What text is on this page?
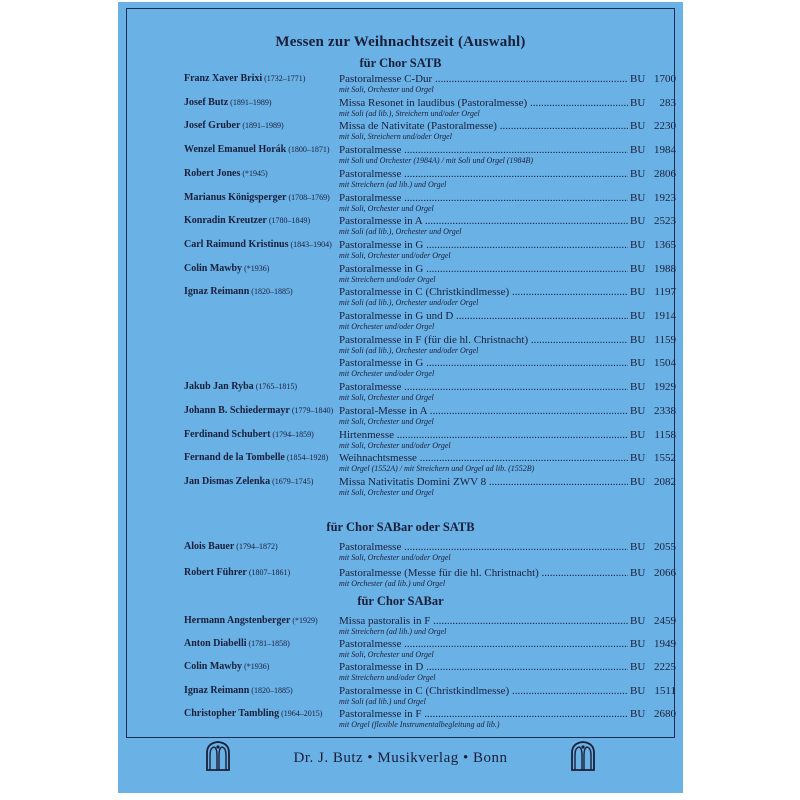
Messen zur Weihnachtszeit (Auswahl)
für Chor SATB
Franz Xaver Brixi (1732–1771)	Pastoralmesse C-Dur .....	BU 1700
mit Soli, Orchester und Orgel
Josef Butz (1891–1989)	Missa Resonet in laudibus (Pastoralmesse) .....	BU 283
mit Soli (ad lib.), Streichern und/oder Orgel
Josef Gruber (1891–1989)	Missa de Nativitate (Pastoralmesse) .....	BU 2230
mit Soli, Streichern und/oder Orgel
Wenzel Emanuel Horák (1800–1871) Pastoralmesse .....	BU 1984
mit Soli und Orchester (1984A) / mit Soli und Orgel (1984B)
Robert Jones (*1945)	Pastoralmesse .....	BU 2806
mit Streichern (ad lib.) und Orgel
Marianus Königsperger (1708–1769) Pastoralmesse .....	BU 1923
mit Soli, Orchester und Orgel
Konradin Kreutzer (1780–1849)	Pastoralmesse in A .....	BU 2523
mit Soli (ad lib.), Orchester und Orgel
Carl Raimund Kristinus (1843–1904) Pastoralmesse in G .....	BU 1365
mit Soli, Orchester und/oder Orgel
Colin Mawby (*1936)	Pastoralmesse in G .....	BU 1988
mit Streichern und/oder Orgel
Ignaz Reimann (1820–1885)	Pastoralmesse in C (Christkindlmesse) .....	BU 1197
mit Soli (ad lib.), Orchester und/oder Orgel
Pastoralmesse in G und D .....	BU 1914
mit Orchester und/oder Orgel
Pastoralmesse in F (für die hl. Christnacht) .....	BU 1159
mit Soli (ad lib.), Orchester und/oder Orgel
Pastoralmesse in G .....	BU 1504
mit Orchester und/oder Orgel
Jakub Jan Ryba (1765–1815)	Pastoralmesse .....	BU 1929
mit Soli, Orchester und Orgel
Johann B. Schiedermayr (1779–1840) Pastoral-Messe in A .....	BU 2338
mit Soli, Orchester und Orgel
Ferdinand Schubert (1794–1859) Hirtenmesse .....	BU 1158
mit Soli, Orchester und/oder Orgel
Fernand de la Tombelle (1854–1928) Weihnachtsmesse .....	BU 1552
mit Orgel (1552A) / mit Streichern und Orgel ad lib. (1552B)
Jan Dismas Zelenka (1679–1745) Missa Nativitatis Domini ZWV 8 .....	BU 2082
mit Soli, Orchester und Orgel
für Chor SABar oder SATB
Alois Bauer (1794–1872)	Pastoralmesse .....	BU 2055
mit Soli, Orchester und/oder Orgel
Robert Führer (1807–1861)	Pastoralmesse (Messe für die hl. Christnacht) .....	BU 2066
mit Orchester (ad lib.) und Orgel
für Chor SABar
Hermann Angstenberger (*1929) Missa pastoralis in F .....	BU 2459
mit Streichern (ad lib.) und Orgel
Anton Diabelli (1781–1858)	Pastoralmesse .....	BU 1949
mit Soli, Orchester und Orgel
Colin Mawby (*1936)	Pastoralmesse in D .....	BU 2225
mit Streichern und/oder Orgel
Ignaz Reimann (1820–1885)	Pastoralmesse in C (Christkindlmesse) .....	BU 1511
mit Soli (ad lib.) und Orgel
Christopher Tambling (1964–2015) Pastoralmesse in F .....	BU 2680
mit Orgel (flexible Instrumentalbegleitung ad lib.)
Dr. J. Butz • Musikverlag • Bonn
